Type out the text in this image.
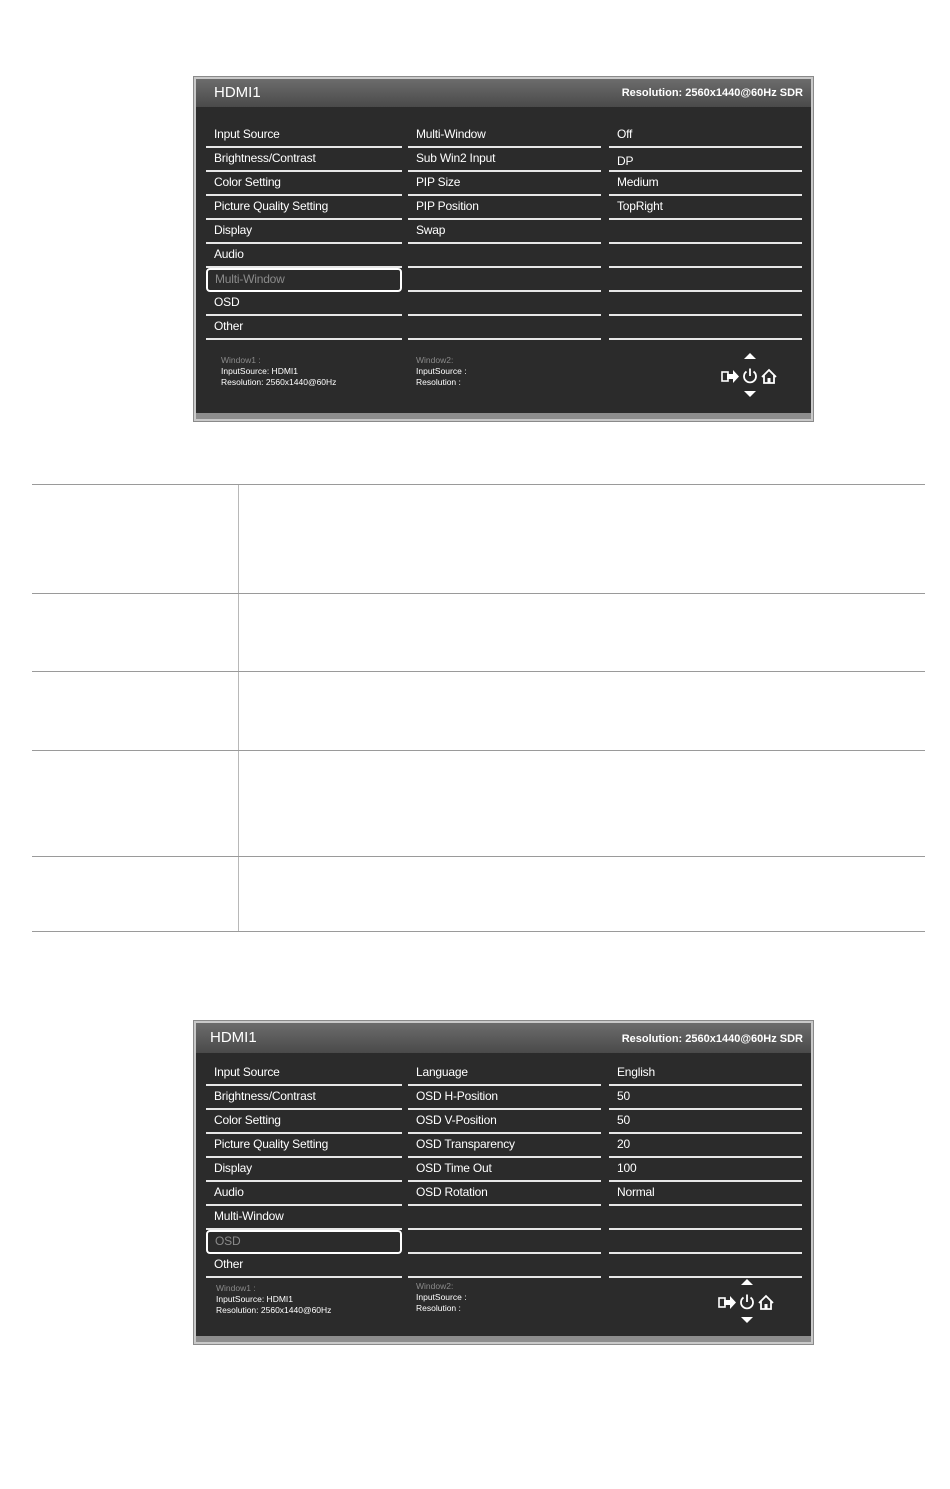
HDMI1	Resolution: 2560x1440@60Hz SDR
Input Source
Brightness/Contrast
Color Setting
Picture Quality Setting
Display
Audio
Multi-Window
OSD
Other
Multi-Window
Sub Win2 Input
PIP Size
PIP Position
Swap
Off
DP
Medium
TopRight
Window1 :
InputSource: HDMI1
Resolution: 2560x1440@60Hz
Window2:
InputSource :
Resolution :
HDMI1	Resolution: 2560x1440@60Hz SDR
Input Source
Brightness/Contrast
Color Setting
Picture Quality Setting
Display
Audio
Multi-Window
OSD
Other
Language
OSD H-Position
OSD V-Position
OSD Transparency
OSD Time Out
OSD Rotation
English
50
50
20
100
Normal
Window1 :
InputSource: HDMI1
Resolution: 2560x1440@60Hz
Window2:
InputSource :
Resolution :
